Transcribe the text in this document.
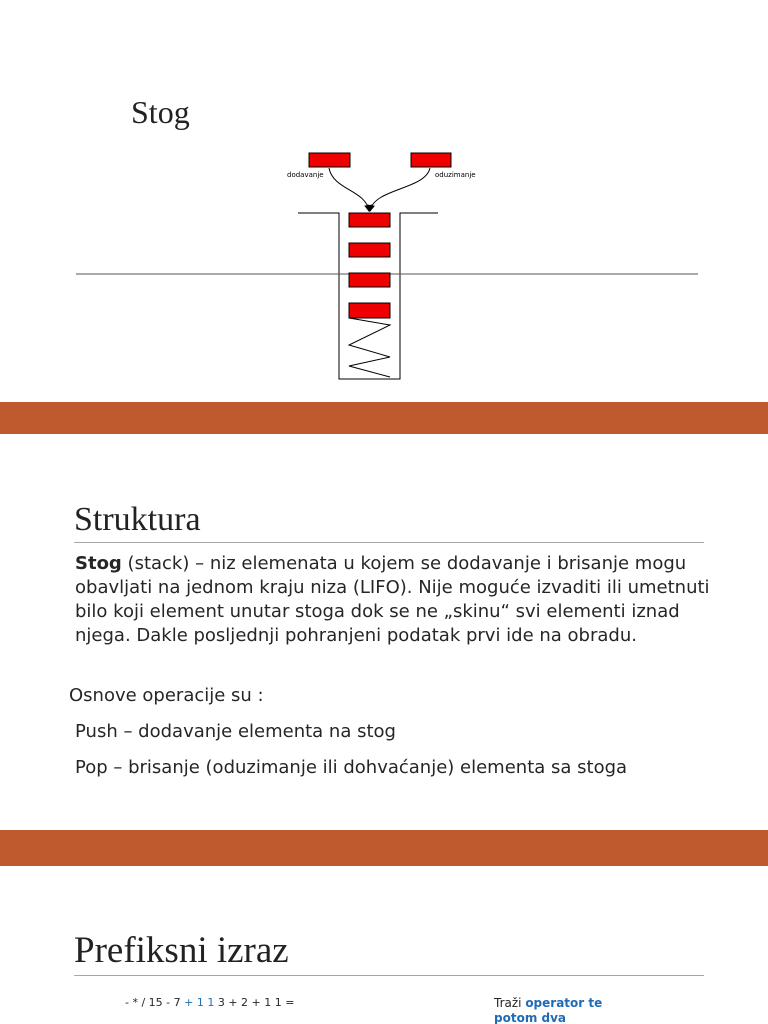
Stog
dodavanje	oduzimanje
Struktura

Stog (stack) – niz elemenata u kojem se dodavanje i brisanje mogu obavljati na jednom kraju niza (LIFO). Nije moguće izvaditi ili umetnuti bilo koji element unutar stoga dok se ne „skinu“ svi elementi iznad njega. Dakle posljednji pohranjeni podatak prvi ide na obradu.

Osnove operacije su :

Push – dodavanje elementa na stog

Pop – brisanje (oduzimanje ili dohvaćanje) elementa sa stoga

Prefiksni izraz
- * / 15 - 7 + 1 1 3 + 2 + 1 1 =	Traži operator te potom dva
